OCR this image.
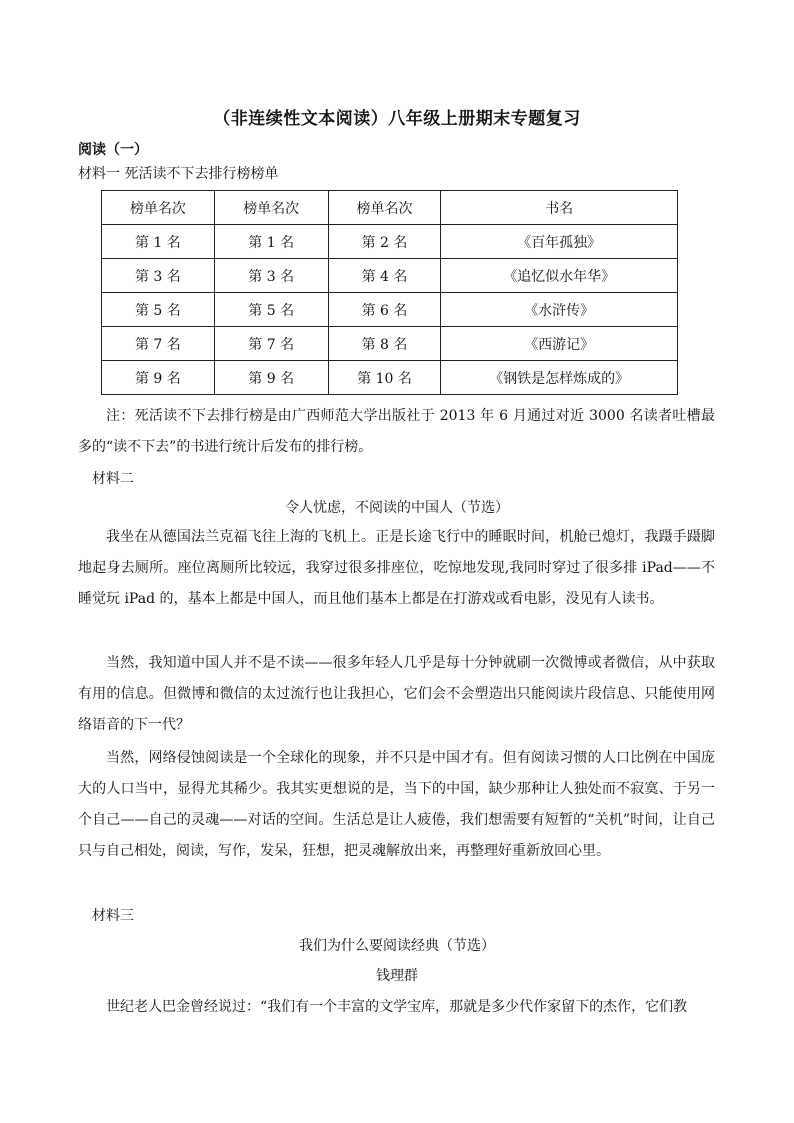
（非连续性文本阅读）八年级上册期末专题复习
阅读（一）
材料一 死活读不下去排行榜榜单
榜单名次	榜单名次	榜单名次	书名
第 1 名	第 1 名	第 2 名	《百年孤独》
第 3 名	第 3 名	第 4 名	《追忆似水年华》
第 5 名	第 5 名	第 6 名	《水浒传》
第 7 名	第 7 名	第 8 名	《西游记》
第 9 名	第 9 名	第 10 名	《钢铁是怎样炼成的》
注：死活读不下去排行榜是由广西师范大学出版社于 2013 年 6 月通过对近 3000 名读者吐槽最多的“读不下去”的书进行统计后发布的排行榜。
材料二
令人忧虑，不阅读的中国人（节选）
我坐在从德国法兰克福飞往上海的飞机上。正是长途飞行中的睡眠时间，机舱已熄灯，我蹑手蹑脚地起身去厕所。座位离厕所比较远，我穿过很多排座位，吃惊地发现,我同时穿过了很多排 iPad——不睡觉玩 iPad 的，基本上都是中国人，而且他们基本上都是在打游戏或看电影，没见有人读书。
当然，我知道中国人并不是不读——很多年轻人几乎是每十分钟就刷一次微博或者微信，从中获取有用的信息。但微博和微信的太过流行也让我担心，它们会不会塑造出只能阅读片段信息、只能使用网络语音的下一代？
当然，网络侵蚀阅读是一个全球化的现象，并不只是中国才有。但有阅读习惯的人口比例在中国庞大的人口当中，显得尤其稀少。我其实更想说的是，当下的中国，缺少那种让人独处而不寂寞、于另一个自己——自己的灵魂——对话的空间。生活总是让人疲倦，我们想需要有短暂的“关机”时间，让自己只与自己相处，阅读，写作，发呆，狂想，把灵魂解放出来，再整理好重新放回心里。
材料三
我们为什么要阅读经典（节选）
钱理群
世纪老人巴金曾经说过：“我们有一个丰富的文学宝库，那就是多少代作家留下的杰作，它们教
